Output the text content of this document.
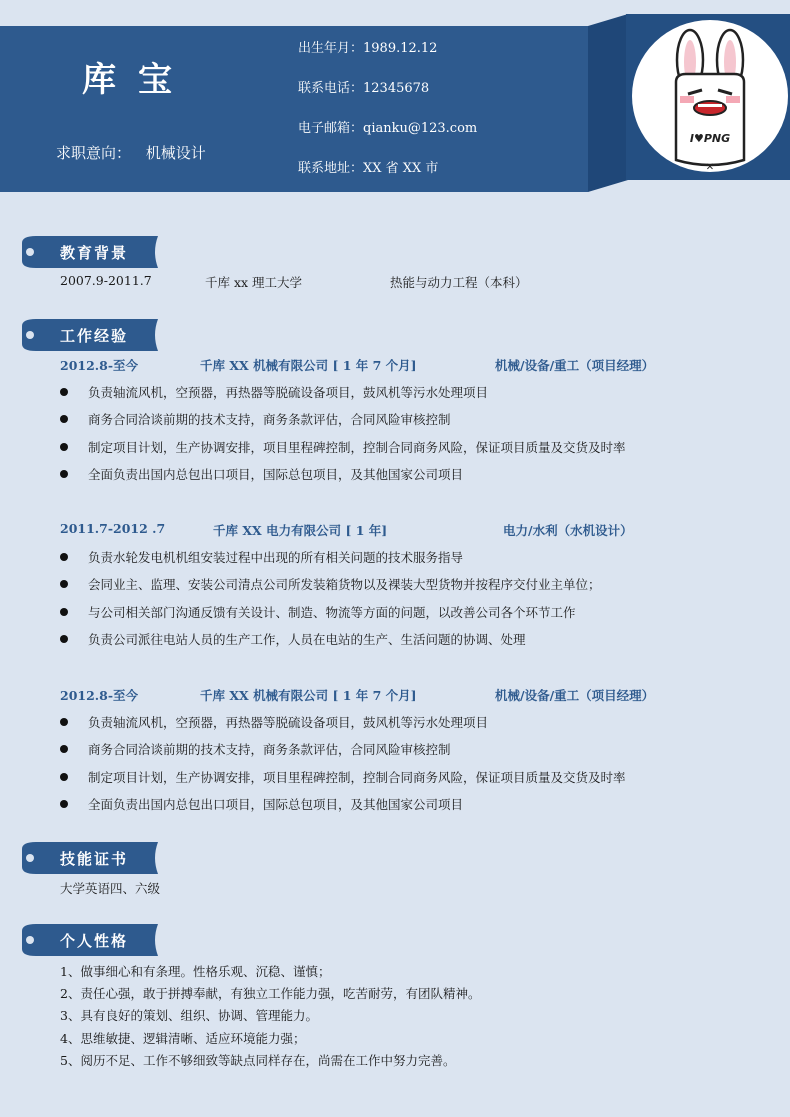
库宝
求职意向： 机械设计
出生年月：1989.12.12
联系电话：12345678
电子邮箱：qianku@123.com
联系地址：XX 省 XX 市
I♥PNG
✕
教育背景
2007.9-2011.7	千库 xx 理工大学	热能与动力工程（本科）
工作经验
2012.8-至今	千库 XX 机械有限公司 [ 1 年 7 个月]	机械/设备/重工（项目经理）
负责轴流风机，空预器，再热器等脱硫设备项目，鼓风机等污水处理项目
商务合同洽谈前期的技术支持，商务条款评估，合同风险审核控制
制定项目计划，生产协调安排，项目里程碑控制，控制合同商务风险，保证项目质量及交货及时率
全面负责出国内总包出口项目，国际总包项目，及其他国家公司项目
2011.7-2012 .7	千库 XX 电力有限公司 [ 1 年]	电力/水利（水机设计）
负责水轮发电机机组安装过程中出现的所有相关问题的技术服务指导
会同业主、监理、安装公司清点公司所发装箱货物以及裸装大型货物并按程序交付业主单位；
与公司相关部门沟通反馈有关设计、制造、物流等方面的问题，以改善公司各个环节工作
负责公司派往电站人员的生产工作，人员在电站的生产、生活问题的协调、处理
2012.8-至今	千库 XX 机械有限公司 [ 1 年 7 个月]	机械/设备/重工（项目经理）
负责轴流风机，空预器，再热器等脱硫设备项目，鼓风机等污水处理项目
商务合同洽谈前期的技术支持，商务条款评估，合同风险审核控制
制定项目计划，生产协调安排，项目里程碑控制，控制合同商务风险，保证项目质量及交货及时率
全面负责出国内总包出口项目，国际总包项目，及其他国家公司项目
技能证书
大学英语四、六级
个人性格
1、做事细心和有条理。性格乐观、沉稳、谨慎；
2、责任心强，敢于拼搏奉献，有独立工作能力强，吃苦耐劳，有团队精神。
3、具有良好的策划、组织、协调、管理能力。
4、思维敏捷、逻辑清晰、适应环境能力强；
5、阅历不足、工作不够细致等缺点同样存在，尚需在工作中努力完善。
